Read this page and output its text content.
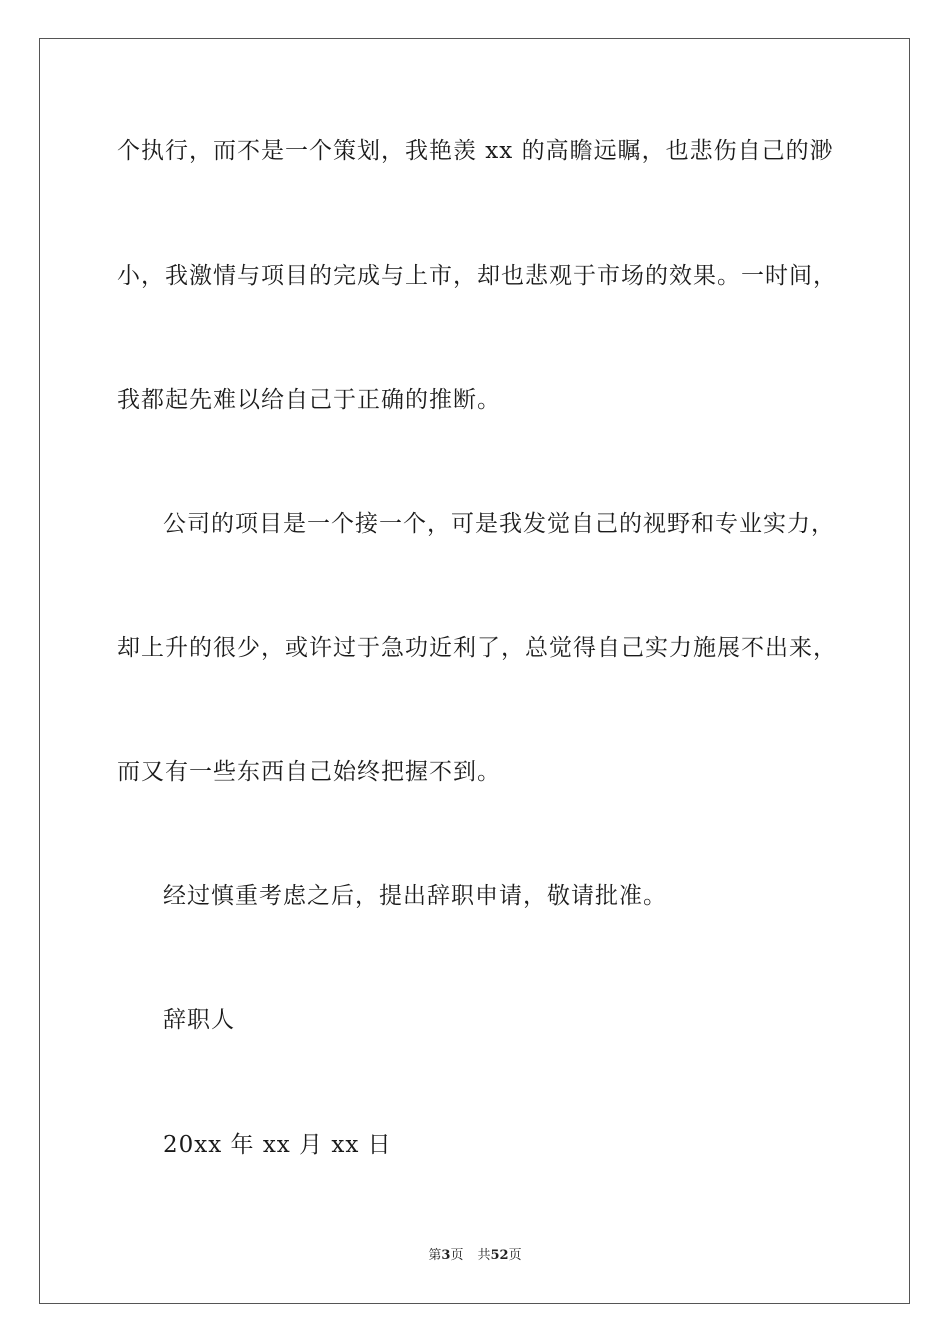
个执行，而不是一个策划，我艳羡 xx 的高瞻远瞩，也悲伤自己的渺
小，我激情与项目的完成与上市，却也悲观于市场的效果。一时间，
我都起先难以给自己于正确的推断。
公司的项目是一个接一个，可是我发觉自己的视野和专业实力，
却上升的很少，或许过于急功近利了，总觉得自己实力施展不出来，
而又有一些东西自己始终把握不到。
经过慎重考虑之后，提出辞职申请，敬请批准。
辞职人
20xx 年 xx 月 xx 日
第3页 共52页
